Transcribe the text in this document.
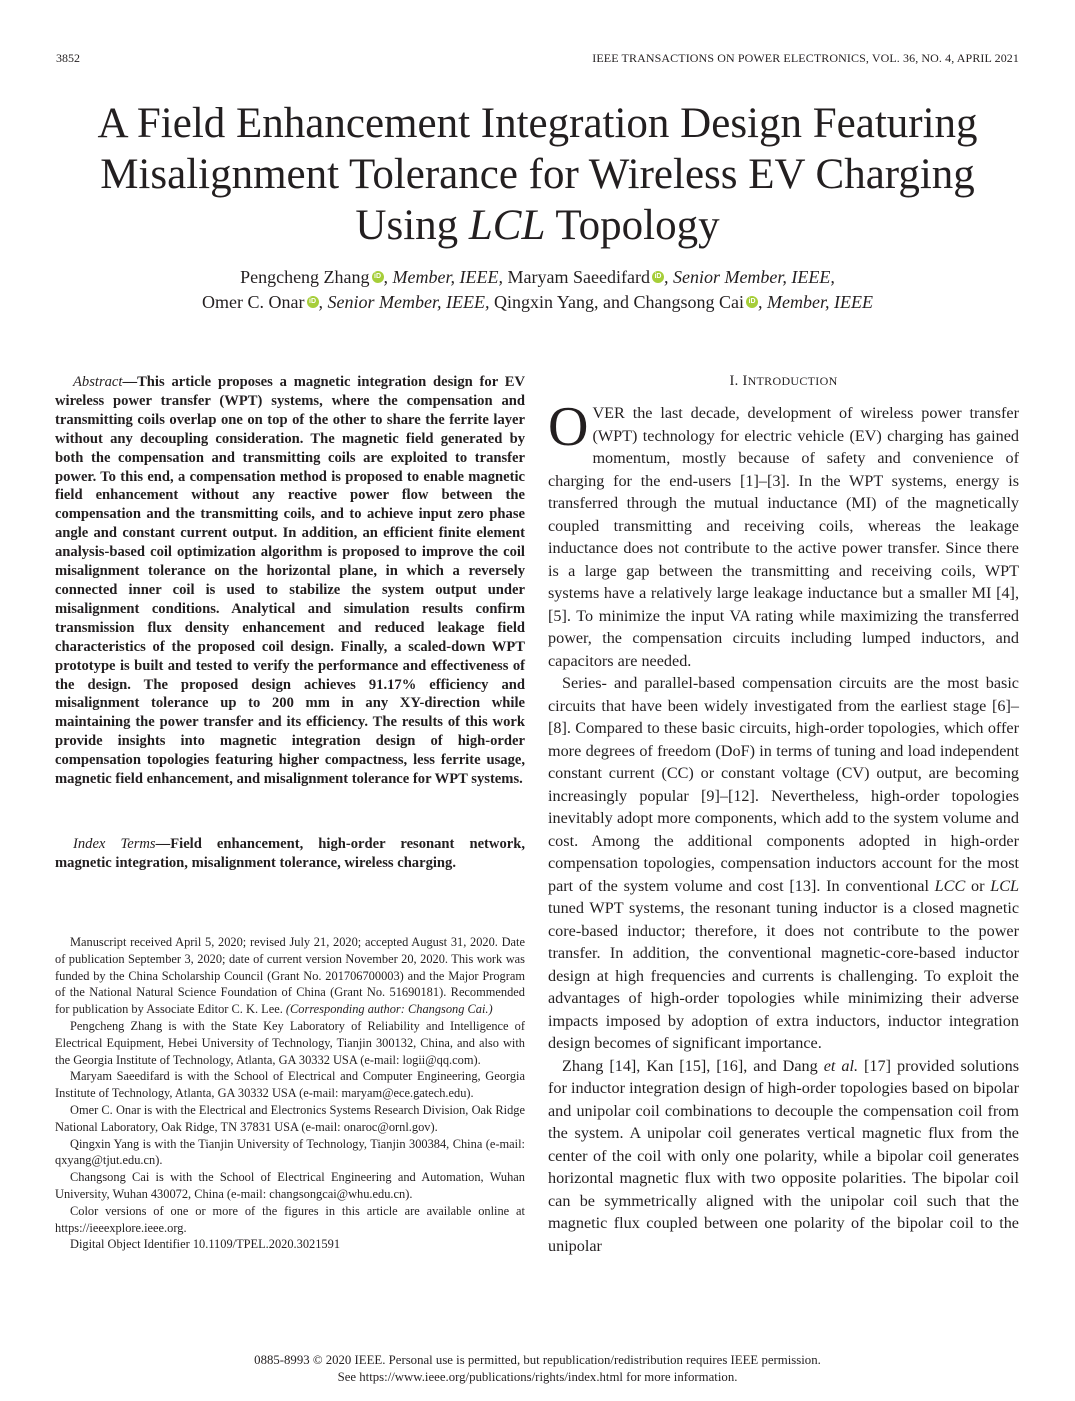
3852	IEEE TRANSACTIONS ON POWER ELECTRONICS, VOL. 36, NO. 4, APRIL 2021
A Field Enhancement Integration Design Featuring
Misalignment Tolerance for Wireless EV Charging
Using LCL Topology
Pengcheng Zhang iD , Member, IEEE, Maryam Saeedifard iD , Senior Member, IEEE,
Omer C. Onar iD , Senior Member, IEEE, Qingxin Yang, and Changsong Cai iD , Member, IEEE

Abstract—This article proposes a magnetic integration design for EV wireless power transfer (WPT) systems, where the compensation and transmitting coils overlap one on top of the other to share the ferrite layer without any decoupling consideration. The magnetic field generated by both the compensation and transmitting coils are exploited to transfer power. To this end, a compensation method is proposed to enable magnetic field enhancement without any reactive power flow between the compensation and the transmitting coils, and to achieve input zero phase angle and constant current output. In addition, an efficient finite element analysis-based coil optimization algorithm is proposed to improve the coil misalignment tolerance on the horizontal plane, in which a reversely connected inner coil is used to stabilize the system output under misalignment conditions. Analytical and simulation results confirm transmission flux density enhancement and reduced leakage field characteristics of the proposed coil design. Finally, a scaled-down WPT prototype is built and tested to verify the performance and effectiveness of the design. The proposed design achieves 91.17% efficiency and misalignment tolerance up to 200 mm in any XY-direction while maintaining the power transfer and its efficiency. The results of this work provide insights into magnetic integration design of high-order compensation topologies featuring higher compactness, less ferrite usage, magnetic field enhancement, and misalignment tolerance for WPT systems.

Index Terms—Field enhancement, high-order resonant network, magnetic integration, misalignment tolerance, wireless charging.

Manuscript received April 5, 2020; revised July 21, 2020; accepted August 31, 2020. Date of publication September 3, 2020; date of current version November 20, 2020. This work was funded by the China Scholarship Council (Grant No. 201706700003) and the Major Program of the National Natural Science Foundation of China (Grant No. 51690181). Recommended for publication by Associate Editor C. K. Lee. (Corresponding author: Changsong Cai.)

Pengcheng Zhang is with the State Key Laboratory of Reliability and Intelligence of Electrical Equipment, Hebei University of Technology, Tianjin 300132, China, and also with the Georgia Institute of Technology, Atlanta, GA 30332 USA (e-mail: logii@qq.com).

Maryam Saeedifard is with the School of Electrical and Computer Engineering, Georgia Institute of Technology, Atlanta, GA 30332 USA (e-mail: maryam@ece.gatech.edu).

Omer C. Onar is with the Electrical and Electronics Systems Research Division, Oak Ridge National Laboratory, Oak Ridge, TN 37831 USA (e-mail: onaroc@ornl.gov).

Qingxin Yang is with the Tianjin University of Technology, Tianjin 300384, China (e-mail: qxyang@tjut.edu.cn).

Changsong Cai is with the School of Electrical Engineering and Automation, Wuhan University, Wuhan 430072, China (e-mail: changsongcai@whu.edu.cn).

Color versions of one or more of the figures in this article are available online at https://ieeexplore.ieee.org.

Digital Object Identifier 10.1109/TPEL.2020.3021591

I. INTRODUCTION

OVER the last decade, development of wireless power transfer (WPT) technology for electric vehicle (EV) charging has gained momentum, mostly because of safety and convenience of charging for the end-users [1]–[3]. In the WPT systems, energy is transferred through the mutual inductance (MI) of the magnetically coupled transmitting and receiving coils, whereas the leakage inductance does not contribute to the active power transfer. Since there is a large gap between the transmitting and receiving coils, WPT systems have a relatively large leakage inductance but a smaller MI [4], [5]. To minimize the input VA rating while maximizing the transferred power, the compensation circuits including lumped inductors, and capacitors are needed.

Series- and parallel-based compensation circuits are the most basic circuits that have been widely investigated from the earliest stage [6]–[8]. Compared to these basic circuits, high-order topologies, which offer more degrees of freedom (DoF) in terms of tuning and load independent constant current (CC) or constant voltage (CV) output, are becoming increasingly popular [9]–[12]. Nevertheless, high-order topologies inevitably adopt more components, which add to the system volume and cost. Among the additional components adopted in high-order compensation topologies, compensation inductors account for the most part of the system volume and cost [13]. In conventional LCC or LCL tuned WPT systems, the resonant tuning inductor is a closed magnetic core-based inductor; therefore, it does not contribute to the power transfer. In addition, the conventional magnetic-core-based inductor design at high frequencies and currents is challenging. To exploit the advantages of high-order topologies while minimizing their adverse impacts imposed by adoption of extra inductors, inductor integration design becomes of significant importance.

Zhang [14], Kan [15], [16], and Dang et al. [17] provided solutions for inductor integration design of high-order topologies based on bipolar and unipolar coil combinations to decouple the compensation coil from the system. A unipolar coil generates vertical magnetic flux from the center of the coil with only one polarity, while a bipolar coil generates horizontal magnetic flux with two opposite polarities. The bipolar coil can be symmetrically aligned with the unipolar coil such that the magnetic flux coupled between one polarity of the bipolar coil to the unipolar

0885-8993 © 2020 IEEE. Personal use is permitted, but republication/redistribution requires IEEE permission.
See https://www.ieee.org/publications/rights/index.html for more information.
